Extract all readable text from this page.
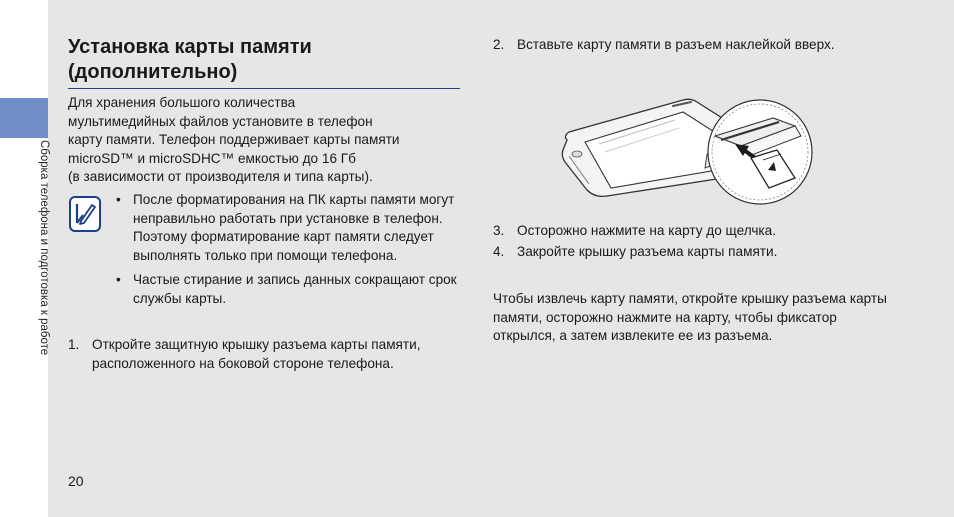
Сборка телефона и подготовка к работе
20
Установка карты памяти (дополнительно)

Для хранения большого количества
мультимедийных файлов установите в телефон
карту памяти. Телефон поддерживает карты памяти
microSD™ и microSDHC™ емкостью до 16 Гб
(в зависимости от производителя и типа карты).

• После форматирования на ПК карты памяти могут неправильно работать при установке в телефон. Поэтому форматирование карт памяти следует выполнять только при помощи телефона.
• Частые стирание и запись данных сокращают срок службы карты.
1. Откройте защитную крышку разъема карты памяти, расположенного на боковой стороне телефона.

2. Вставьте карту памяти в разъем наклейкой вверх.

3. Осторожно нажмите на карту до щелчка.

4. Закройте крышку разъема карты памяти.

Чтобы извлечь карту памяти, откройте крышку разъема карты памяти, осторожно нажмите на карту, чтобы фиксатор открылся, а затем извлеките ее из разъема.
